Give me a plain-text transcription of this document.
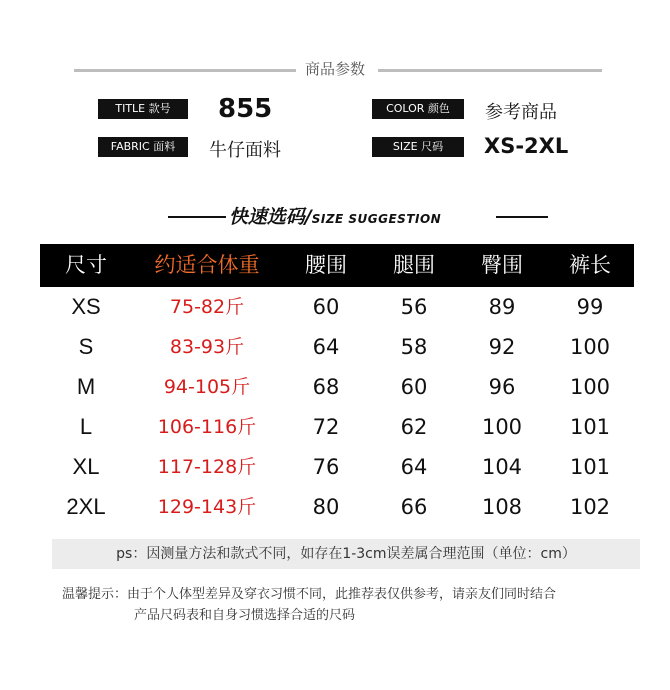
商品参数
TITLE 款号	855	COLOR 颜色	参考商品
FABRIC 面料	牛仔面料	SIZE 尺码	XS-2XL
快速选码/SIZE SUGGESTION
尺寸	约适合体重	腰围	腿围	臀围	裤长
XS	75-82斤	60	56	89	99
S	83-93斤	64	58	92	100
M	94-105斤	68	60	96	100
L	106-116斤	72	62	100	101
XL	117-128斤	76	64	104	101
2XL	129-143斤	80	66	108	102
ps：因测量方法和款式不同，如存在1-3cm误差属合理范围（单位：cm）
温馨提示：由于个人体型差异及穿衣习惯不同，此推荐表仅供参考，请亲友们同时结合
产品尺码表和自身习惯选择合适的尺码
